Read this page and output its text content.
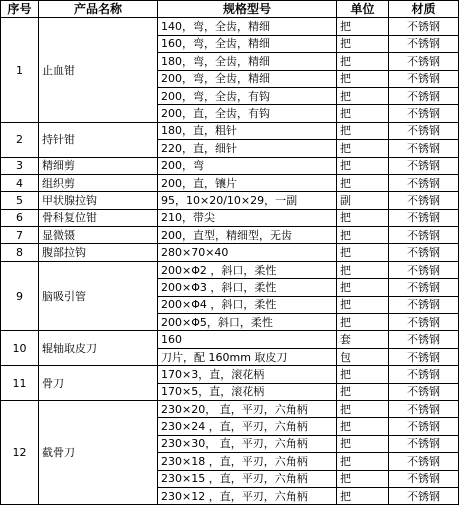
序号	产品名称	规格型号	单位	材质
1	止血钳	140，弯，全齿，精细	把	不锈钢
		160，弯，全齿，精细	把	不锈钢
		180，弯，全齿，精细	把	不锈钢
		200，弯，全齿，精细	把	不锈钢
		200，弯，全齿，有钩	把	不锈钢
		200，直，全齿，有钩	把	不锈钢
2	持针钳	180，直，粗针	把	不锈钢
		220，直，细针	把	不锈钢
3	精细剪	200，弯	把	不锈钢
4	组织剪	200，直，镶片	把	不锈钢
5	甲状腺拉钩	95，10×20/10×29，一副	副	不锈钢
6	骨科复位钳	210，带尖	把	不锈钢
7	显微镊	200，直型，精细型，无齿	把	不锈钢
8	腹部拉钩	280×70×40	把	不锈钢
9	脑吸引管	200×Φ2 ，斜口，柔性	把	不锈钢
		200×Φ3 ，斜口，柔性	把	不锈钢
		200×Φ4 ，斜口，柔性	把	不锈钢
		200×Φ5，斜口，柔性	把	不锈钢
10	辊轴取皮刀	160	套	不锈钢
		刀片，配 160mm 取皮刀	包	不锈钢
11	骨刀	170×3，直，滚花柄	把	不锈钢
		170×5，直，滚花柄	把	不锈钢
12	截骨刀	230×20， 直，平刃，六角柄	把	不锈钢
		230×24 ，直，平刃，六角柄	把	不锈钢
		230×30， 直，平刃，六角柄	把	不锈钢
		230×18 ，直，平刃，六角柄	把	不锈钢
		230×15 ，直，平刃，六角柄	把	不锈钢
		230×12 ，直，平刃，六角柄	把	不锈钢
